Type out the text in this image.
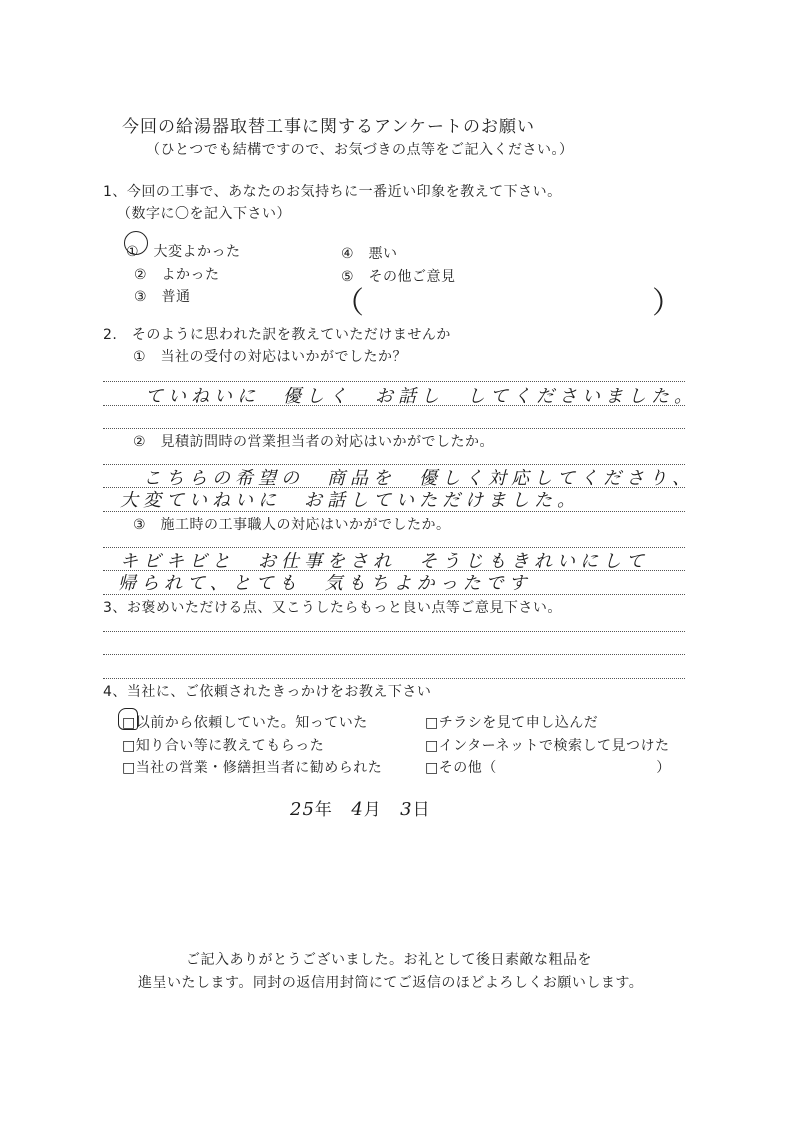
今回の給湯器取替工事に関するアンケートのお願い
（ひとつでも結構ですので、お気づきの点等をご記入ください。）
1、今回の工事で、あなたのお気持ちに一番近い印象を教えて下さい。
（数字に〇を記入下さい）
①　大変よかった
②　よかった
③　普通
④　悪い
⑤　その他ご意見
（	）
2.　そのように思われた訳を教えていただけませんか
①　当社の受付の対応はいかがでしたか？
ていねいに　優しく　お話し　してくださいました。
②　見積訪問時の営業担当者の対応はいかがでしたか。
こちらの希望の　商品を　優しく対応してくださり、
大変ていねいに　お話していただけました。
③　施工時の工事職人の対応はいかがでしたか。
キビキビと　お仕事をされ　そうじもきれいにして
帰られて、とても　気もちよかったです
3、お褒めいただける点、又こうしたらもっと良い点等ご意見下さい。
4、当社に、ご依頼されたきっかけをお教え下さい
□以前から依頼していた。知っていた
□知り合い等に教えてもらった
□当社の営業・修繕担当者に勧められた
□チラシを見て申し込んだ
□インターネットで検索して見つけた
□その他（　　　　　　　　　　　）
25年 4月 3日
ご記入ありがとうございました。お礼として後日素敵な粗品を
進呈いたします。同封の返信用封筒にてご返信のほどよろしくお願いします。
